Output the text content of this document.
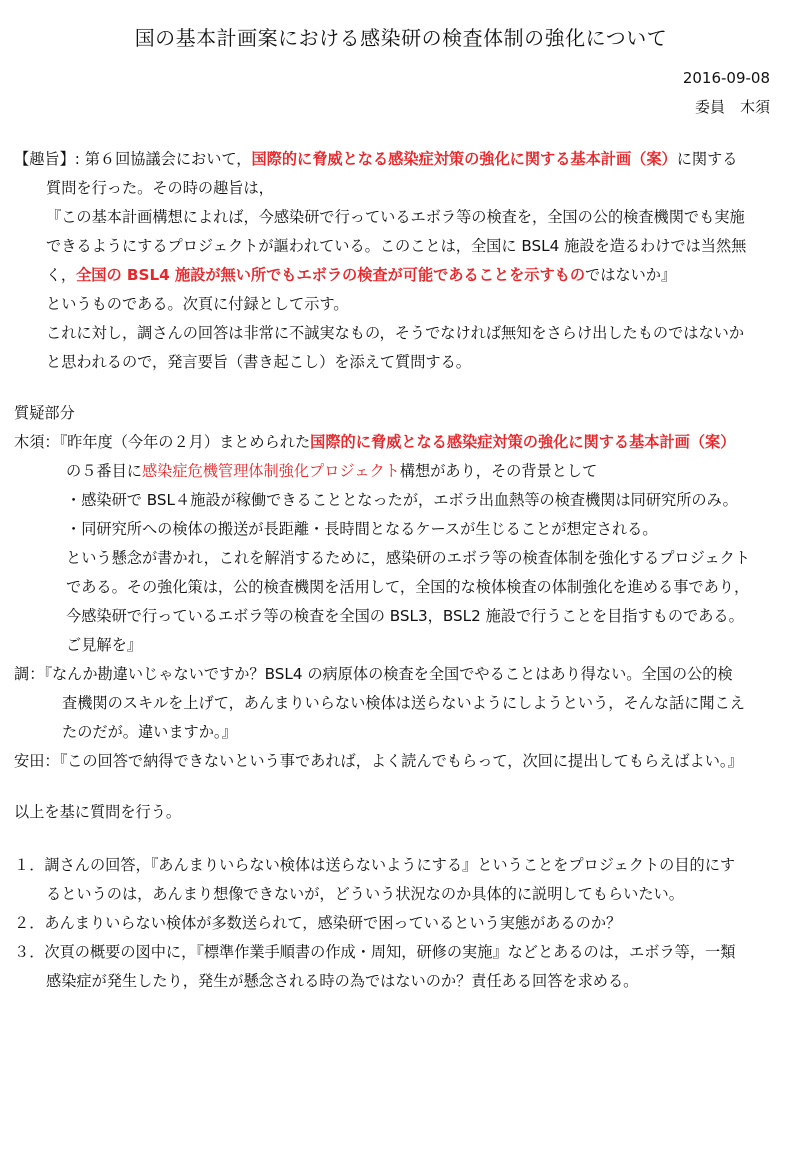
国の基本計画案における感染研の検査体制の強化について
2016-09-08
委員　木須
【趣旨】: 第６回協議会において，国際的に脅威となる感染症対策の強化に関する基本計画（案）に関する
質問を行った。その時の趣旨は，
『この基本計画構想によれば，今感染研で行っているエボラ等の検査を，全国の公的検査機関でも実施
できるようにするプロジェクトが謳われている。このことは，全国に BSL4 施設を造るわけでは当然無
く，全国の BSL4 施設が無い所でもエボラの検査が可能であることを示すものではないか』
というものである。次頁に付録として示す。
これに対し，調さんの回答は非常に不誠実なもの，そうでなければ無知をさらけ出したものではないか
と思われるので，発言要旨（書き起こし）を添えて質問する。
質疑部分
木須：『昨年度（今年の２月）まとめられた国際的に脅威となる感染症対策の強化に関する基本計画（案）
の５番目に感染症危機管理体制強化プロジェクト構想があり，その背景として
・感染研で BSL４施設が稼働できることとなったが，エボラ出血熱等の検査機関は同研究所のみ。
・同研究所への検体の搬送が長距離・長時間となるケースが生じることが想定される。
という懸念が書かれ，これを解消するために，感染研のエボラ等の検査体制を強化するプロジェクト
である。その強化策は，公的検査機関を活用して，全国的な検体検査の体制強化を進める事であり，
今感染研で行っているエボラ等の検査を全国の BSL3，BSL2 施設で行うことを目指すものである。
ご見解を』
調：『なんか勘違いじゃないですか？BSL4 の病原体の検査を全国でやることはあり得ない。全国の公的検
査機関のスキルを上げて，あんまりいらない検体は送らないようにしようという，そんな話に聞こえ
たのだが。違いますか。』
安田：『この回答で納得できないという事であれば，よく読んでもらって，次回に提出してもらえばよい。』
以上を基に質問を行う。
１．調さんの回答，『あんまりいらない検体は送らないようにする』ということをプロジェクトの目的にす
るというのは，あんまり想像できないが，どういう状況なのか具体的に説明してもらいたい。
２．あんまりいらない検体が多数送られて，感染研で困っているという実態があるのか？
３．次頁の概要の図中に，『標準作業手順書の作成・周知，研修の実施』などとあるのは，エボラ等，一類
感染症が発生したり，発生が懸念される時の為ではないのか？責任ある回答を求める。
